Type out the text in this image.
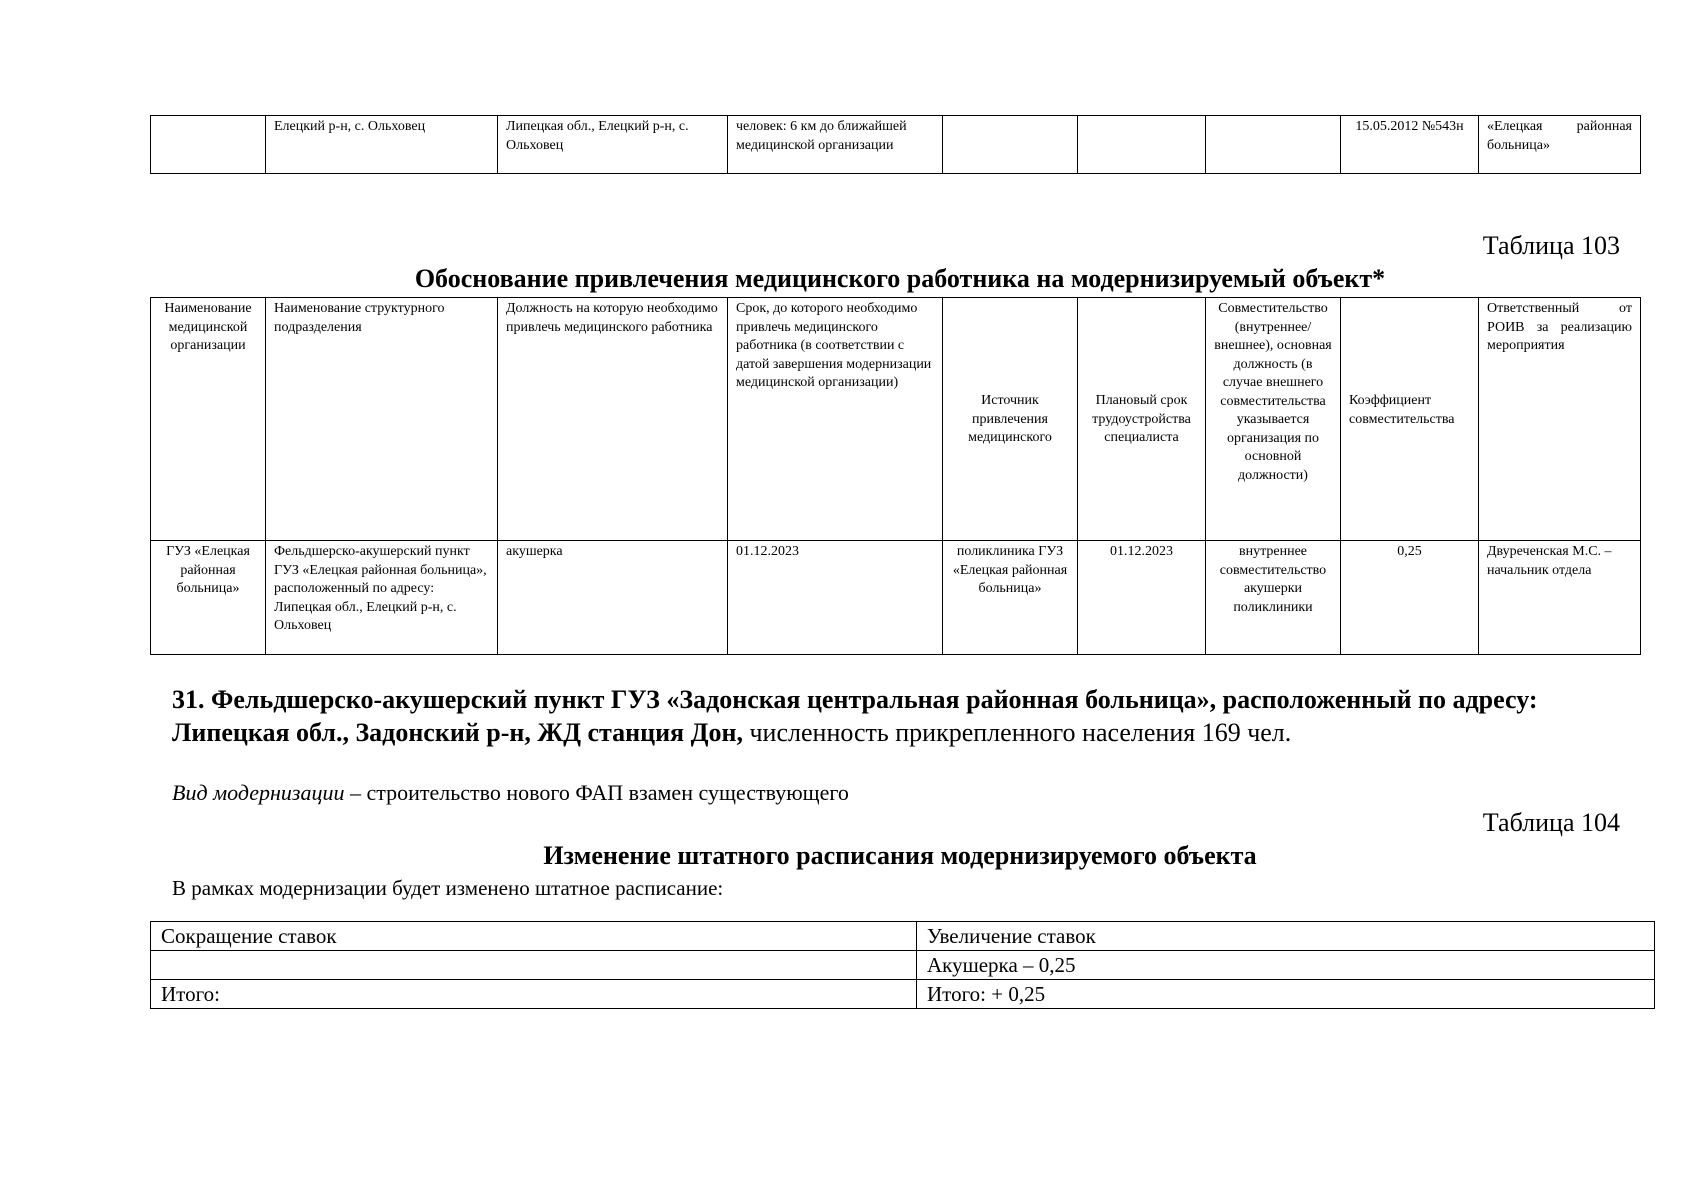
	Елецкий р-н, с. Ольховец	Липецкая обл., Елецкий р-н, с. Ольховец	человек: 6 км до ближайшей медицинской организации				15.05.2012 №543н	«Елецкая районная больница»
Таблица 103
Обоснование привлечения медицинского работника на модернизируемый объект*
Наименование медицинской организации	Наименование структурного подразделения	Должность на которую необходимо привлечь медицинского работника	Срок, до которого необходимо привлечь медицинского работника (в соответствии с датой завершения модернизации медицинской организации)	Источник привлечения медицинского	Плановый срок трудоустройства специалиста	Совместительство (внутреннее/внешнее), основная должность (в случае внешнего совместительства указывается организация по основной должности)	Коэффициент совместительства	Ответственный от РОИВ за реализацию мероприятия
ГУЗ «Елецкая районная больница»	Фельдшерско-акушерский пункт ГУЗ «Елецкая районная больница», расположенный по адресу: Липецкая обл., Елецкий р-н, с. Ольховец	акушерка	01.12.2023	поликлиника ГУЗ «Елецкая районная больница»	01.12.2023	внутреннее совместительство акушерки поликлиники	0,25	Двуреченская М.С. – начальник отдела
31. Фельдшерско-акушерский пункт ГУЗ «Задонская центральная районная больница», расположенный по адресу: Липецкая обл., Задонский р-н, ЖД станция Дон, численность прикрепленного населения 169 чел.
Вид модернизации – строительство нового ФАП взамен существующего
Таблица 104
Изменение штатного расписания модернизируемого объекта
В рамках модернизации будет изменено штатное расписание:
Сокращение ставок	Увеличение ставок
	Акушерка – 0,25
Итого:	Итого: + 0,25
